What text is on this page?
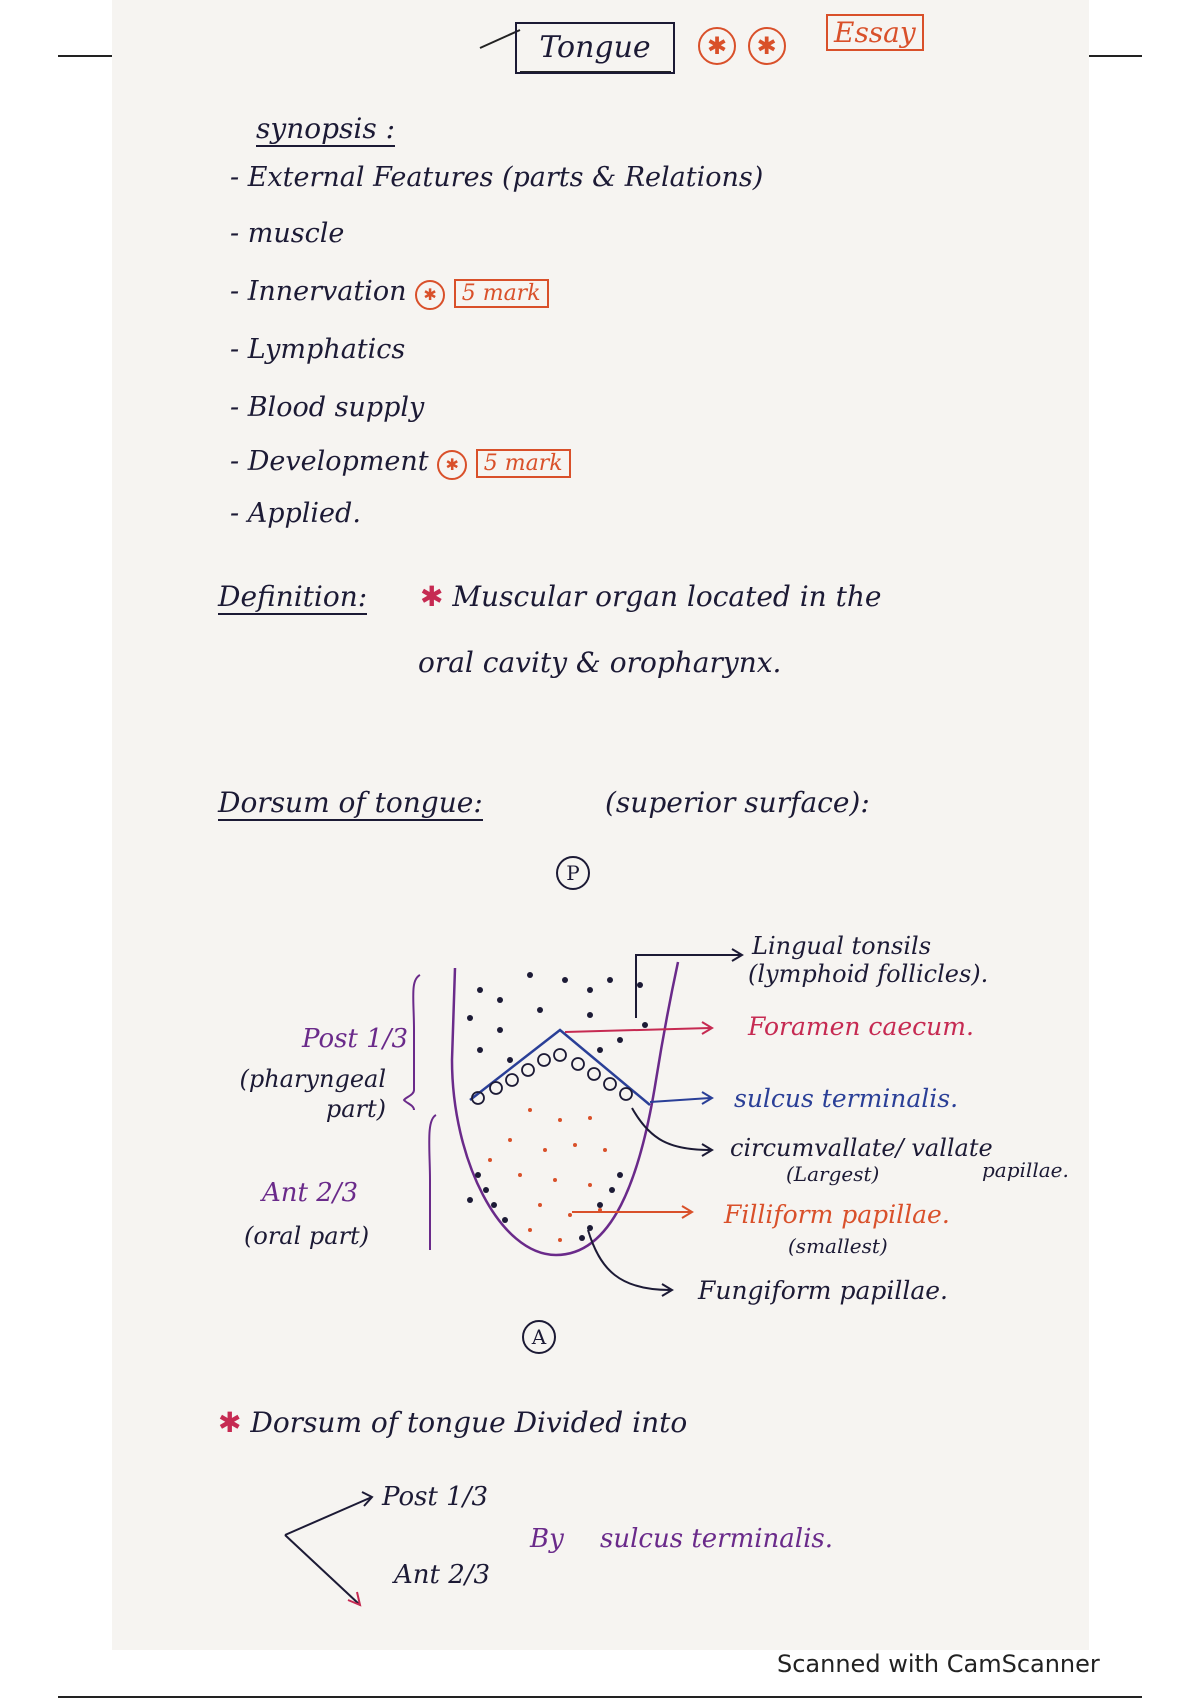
Tongue	✱ ✱	Essay
synopsis :
- External Features (parts & Relations)
- muscle
- Innervation ✱ 5 mark
- Lymphatics
- Blood supply
- Development ✱ 5 mark
- Applied.
Definition: ✱ Muscular organ located in the
oral cavity & oropharynx.
Dorsum of tongue:	(superior surface):
P
A
Post 1/3
(pharyngeal part)
Ant 2/3
(oral part)
Lingual tonsils
(lymphoid follicles).
Foramen caecum.
sulcus terminalis.
circumvallate/ vallate
(Largest)	papillae.
Filliform papillae.
(smallest)
Fungiform papillae.
✱ Dorsum of tongue Divided into
Post 1/3
Ant 2/3
By sulcus terminalis.
Scanned with CamScanner
